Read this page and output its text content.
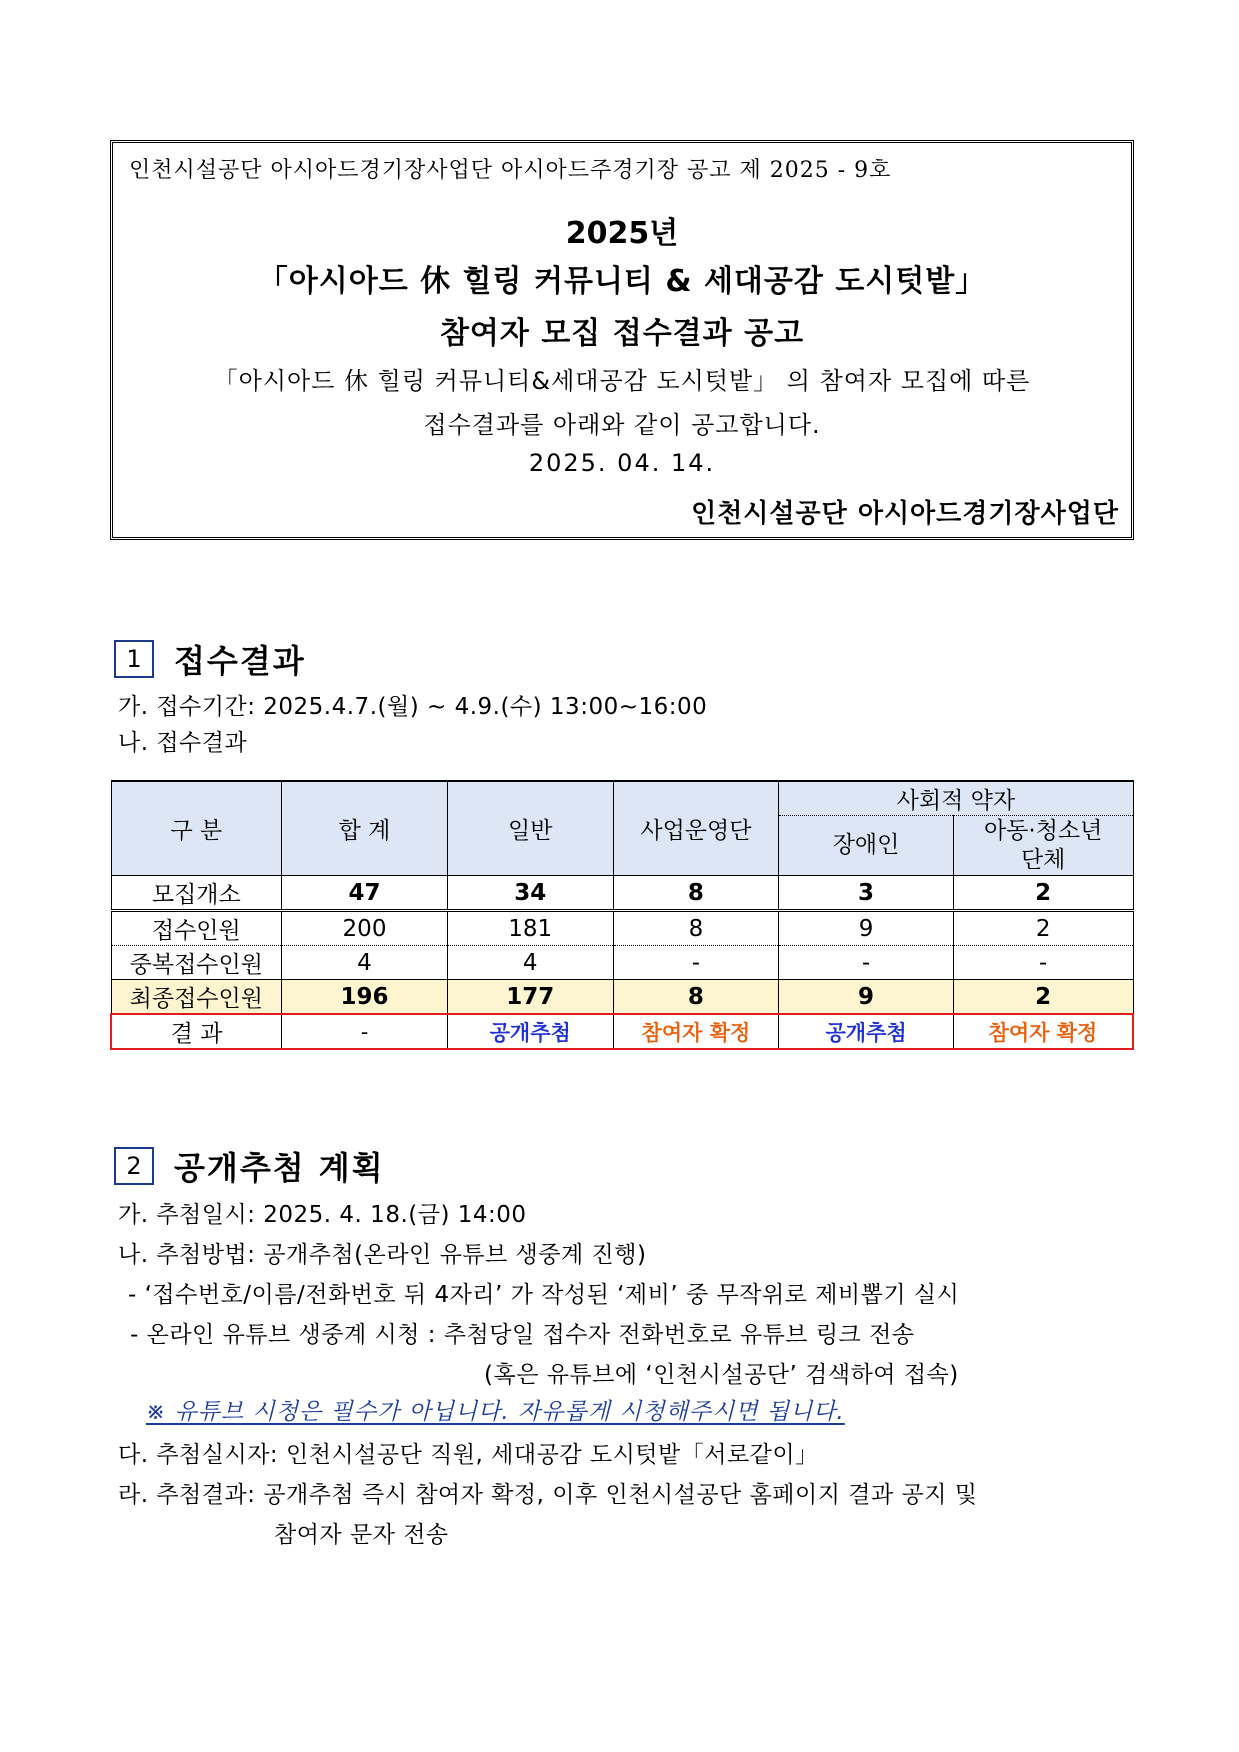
인천시설공단 아시아드경기장사업단 아시아드주경기장 공고 제 2025 - 9호
2025년
「아시아드 休 힐링 커뮤니티 & 세대공감 도시텃밭」
참여자 모집 접수결과 공고
「아시아드 休 힐링 커뮤니티&세대공감 도시텃밭」 의 참여자 모집에 따른
접수결과를 아래와 같이 공고합니다.
2025. 04. 14.
인천시설공단 아시아드경기장사업단
1	접수결과
가. 접수기간: 2025.4.7.(월) ~ 4.9.(수) 13:00~16:00
나. 접수결과
구 분	합 계	일반	사업운영단	사회적 약자	
				장애인	아동·청소년
단체

모집개소	47	34	8	3	2
접수인원	200	181	8	9	2
중복접수인원	4	4	-	-	-
최종접수인원	196	177	8	9	2
결 과	-	공개추첨	참여자 확정	공개추첨	참여자 확정
2	공개추첨 계획
가. 추첨일시: 2025. 4. 18.(금) 14:00
나. 추첨방법: 공개추첨(온라인 유튜브 생중계 진행)
- ‘접수번호/이름/전화번호 뒤 4자리’ 가 작성된 ‘제비’ 중 무작위로 제비뽑기 실시
- 온라인 유튜브 생중계 시청 : 추첨당일 접수자 전화번호로 유튜브 링크 전송
(혹은 유튜브에 ‘인천시설공단’ 검색하여 접속)
※ 유튜브 시청은 필수가 아닙니다. 자유롭게 시청해주시면 됩니다.
다. 추첨실시자: 인천시설공단 직원, 세대공감 도시텃밭「서로같이」
라. 추첨결과: 공개추첨 즉시 참여자 확정, 이후 인천시설공단 홈페이지 결과 공지 및
참여자 문자 전송
